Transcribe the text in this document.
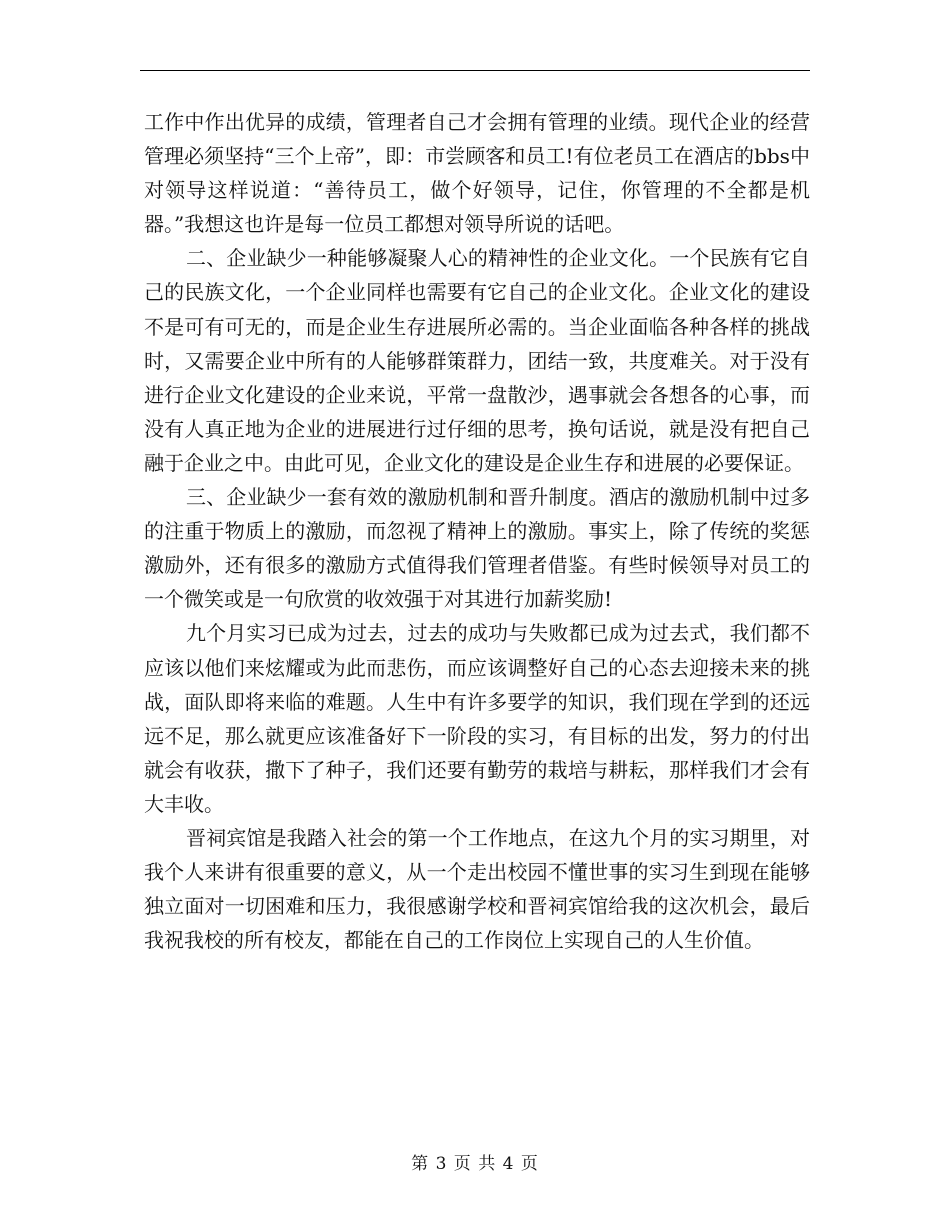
工作中作出优异的成绩，管理者自己才会拥有管理的业绩。现代企业的经营管理必须坚持“三个上帝”，即：市尝顾客和员工!有位老员工在酒店的bbs中对领导这样说道：“善待员工，做个好领导，记住，你管理的不全都是机器。”我想这也许是每一位员工都想对领导所说的话吧。

二、企业缺少一种能够凝聚人心的精神性的企业文化。一个民族有它自己的民族文化，一个企业同样也需要有它自己的企业文化。企业文化的建设不是可有可无的，而是企业生存进展所必需的。当企业面临各种各样的挑战时，又需要企业中所有的人能够群策群力，团结一致，共度难关。对于没有进行企业文化建设的企业来说，平常一盘散沙，遇事就会各想各的心事，而没有人真正地为企业的进展进行过仔细的思考，换句话说，就是没有把自己融于企业之中。由此可见，企业文化的建设是企业生存和进展的必要保证。

三、企业缺少一套有效的激励机制和晋升制度。酒店的激励机制中过多的注重于物质上的激励，而忽视了精神上的激励。事实上，除了传统的奖惩激励外，还有很多的激励方式值得我们管理者借鉴。有些时候领导对员工的一个微笑或是一句欣赏的收效强于对其进行加薪奖励!

九个月实习已成为过去，过去的成功与失败都已成为过去式，我们都不应该以他们来炫耀或为此而悲伤，而应该调整好自己的心态去迎接未来的挑战，面队即将来临的难题。人生中有许多要学的知识，我们现在学到的还远远不足，那么就更应该准备好下一阶段的实习，有目标的出发，努力的付出就会有收获，撒下了种子，我们还要有勤劳的栽培与耕耘，那样我们才会有大丰收。

晋祠宾馆是我踏入社会的第一个工作地点，在这九个月的实习期里，对我个人来讲有很重要的意义，从一个走出校园不懂世事的实习生到现在能够独立面对一切困难和压力，我很感谢学校和晋祠宾馆给我的这次机会，最后我祝我校的所有校友，都能在自己的工作岗位上实现自己的人生价值。

第 3 页 共 4 页
